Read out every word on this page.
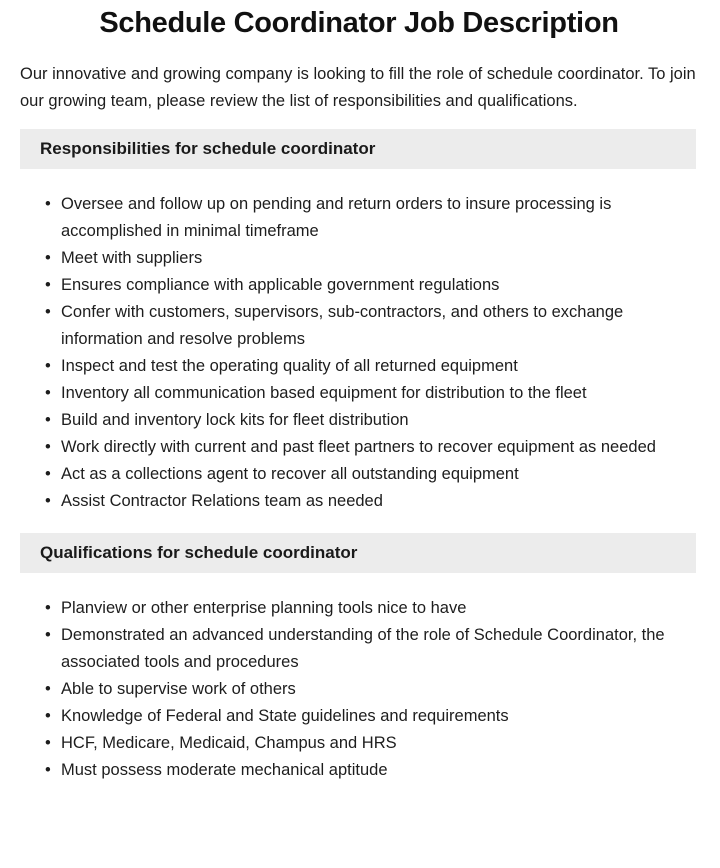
Schedule Coordinator Job Description

Our innovative and growing company is looking to fill the role of schedule coordinator. To join our growing team, please review the list of responsibilities and qualifications.

Responsibilities for schedule coordinator
• Oversee and follow up on pending and return orders to insure processing is accomplished in minimal timeframe
• Meet with suppliers
• Ensures compliance with applicable government regulations
• Confer with customers, supervisors, sub-contractors, and others to exchange information and resolve problems
• Inspect and test the operating quality of all returned equipment
• Inventory all communication based equipment for distribution to the fleet
• Build and inventory lock kits for fleet distribution
• Work directly with current and past fleet partners to recover equipment as needed
• Act as a collections agent to recover all outstanding equipment
• Assist Contractor Relations team as needed
Qualifications for schedule coordinator
• Planview or other enterprise planning tools nice to have
• Demonstrated an advanced understanding of the role of Schedule Coordinator, the associated tools and procedures
• Able to supervise work of others
• Knowledge of Federal and State guidelines and requirements
• HCF, Medicare, Medicaid, Champus and HRS
• Must possess moderate mechanical aptitude
